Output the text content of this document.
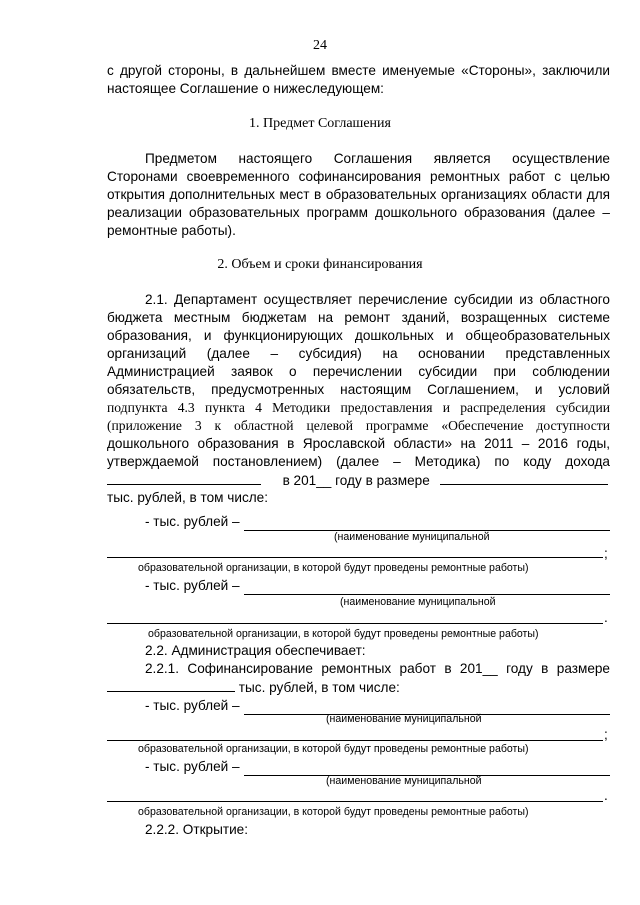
24
с другой стороны, в дальнейшем вместе именуемые «Стороны», заключили
настоящее Соглашение о нижеследующем:
1. Предмет Соглашения
Предметом настоящего Соглашения является осуществление
Сторонами своевременного софинансирования ремонтных работ с целью
открытия дополнительных мест в образовательных организациях области для
реализации образовательных программ дошкольного образования (далее –
ремонтные работы).
2. Объем и сроки финансирования
2.1. Департамент осуществляет перечисление субсидии из областного
бюджета местным бюджетам на ремонт зданий, возращенных системе
образования, и функционирующих дошкольных и общеобразовательных
организаций (далее – субсидия) на основании представленных
Администрацией заявок о перечислении субсидии при соблюдении
обязательств, предусмотренных настоящим Соглашением, и условий
подпункта 4.3 пункта 4 Методики предоставления и распределения субсидии
(приложение 3 к областной целевой программе «Обеспечение доступности
дошкольного образования в Ярославской области» на 2011 – 2016 годы,
утверждаемой постановлением) (далее – Методика) по коду дохода
в 201__ году в размере
тыс. рублей, в том числе:
- тыс. рублей –
(наименование муниципальной
;
образовательной организации, в которой будут проведены ремонтные работы)
- тыс. рублей –
(наименование муниципальной
.
образовательной организации, в которой будут проведены ремонтные работы)
2.2. Администрация обеспечивает:
2.2.1. Софинансирование ремонтных работ в 201__ году в размере
тыс. рублей, в том числе:
- тыс. рублей –
(наименование муниципальной
;
образовательной организации, в которой будут проведены ремонтные работы)
- тыс. рублей –
(наименование муниципальной
.
образовательной организации, в которой будут проведены ремонтные работы)
2.2.2. Открытие:
